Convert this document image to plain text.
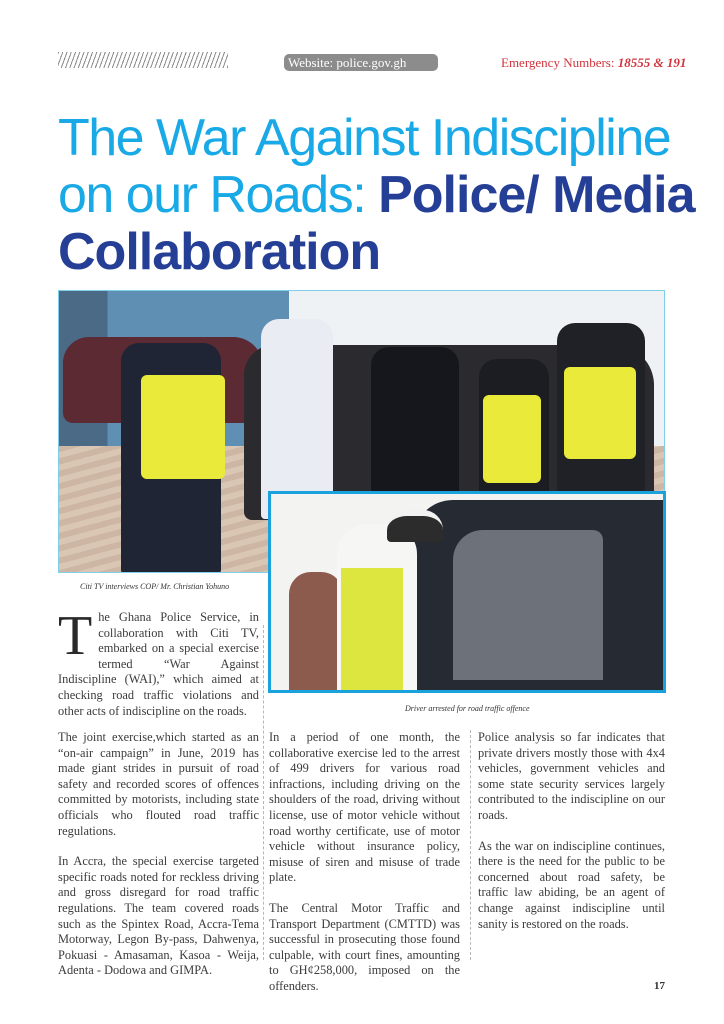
Website: police.gov.gh	Emergency Numbers: 18555 & 191
The War Against Indiscipline on our Roads: Police/ Media Collaboration
Citi TV interviews COP/ Mr. Christian Yohuno
Driver arrested for road traffic offence
The Ghana Police Service, in collaboration with Citi TV, embarked on a special exercise termed “War Against Indiscipline (WAI),” which aimed at checking road traffic violations and other acts of indiscipline on the roads.

The joint exercise,which started as an “on-air campaign” in June, 2019 has made giant strides in pursuit of road safety and recorded scores of offences committed by motorists, including state officials who flouted road traffic regulations.

In Accra, the special exercise targeted specific roads noted for reckless driving and gross disregard for road traffic regulations. The team covered roads such as the Spintex Road, Accra-Tema Motorway, Legon By-pass, Dahwenya, Pokuasi - Amasaman, Kasoa - Weija, Adenta - Dodowa and GIMPA.

In a period of one month, the collaborative exercise led to the arrest of 499 drivers for various road infractions, including driving on the shoulders of the road, driving without license, use of motor vehicle without road worthy certificate, use of motor vehicle without insurance policy, misuse of siren and misuse of trade plate.

The Central Motor Traffic and Transport Department (CMTTD) was successful in prosecuting those found culpable, with court fines, amounting to GH¢258,000, imposed on the offenders.

Police analysis so far indicates that private drivers mostly those with 4x4 vehicles, government vehicles and some state security services largely contributed to the indiscipline on our roads.

As the war on indiscipline continues, there is the need for the public to be concerned about road safety, be traffic law abiding, be an agent of change against indiscipline until sanity is restored on the roads.

17
